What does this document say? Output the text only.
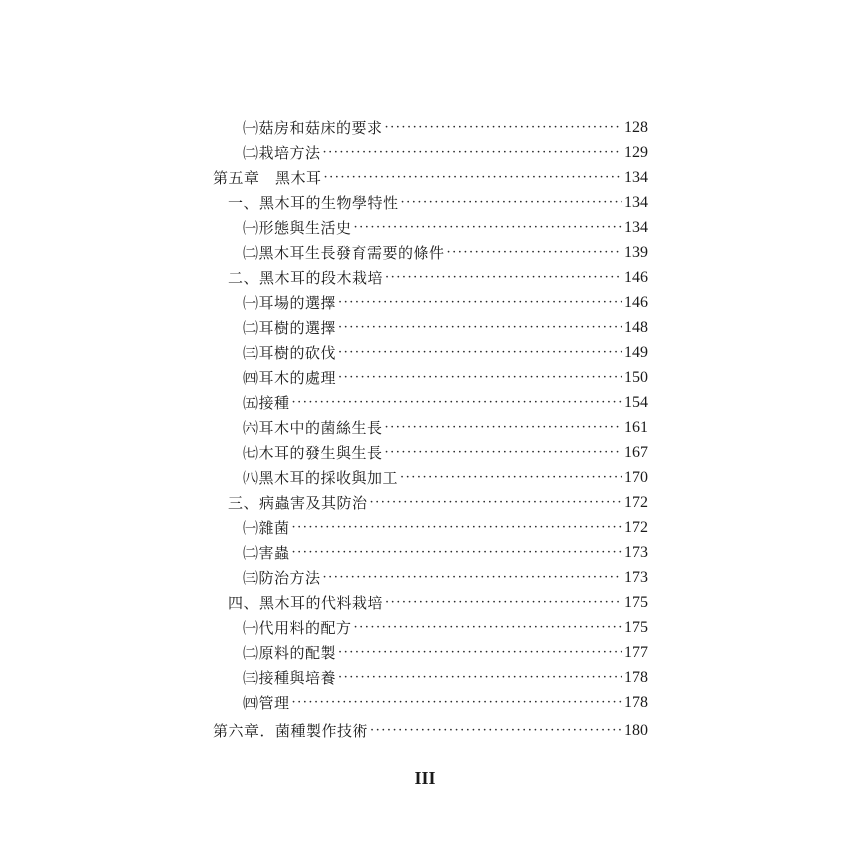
㈠菇房和菇床的要求 ·····	128
㈡栽培方法 ·····	129
第五章　黑木耳 ·····	134
一、黑木耳的生物學特性 ·····	134
㈠形態與生活史 ·····	134
㈡黑木耳生長發育需要的條件 ·····	139
二、黑木耳的段木栽培 ·····	146
㈠耳場的選擇 ·····	146
㈡耳樹的選擇 ·····	148
㈢耳樹的砍伐 ·····	149
㈣耳木的處理 ·····	150
㈤接種 ·····	154
㈥耳木中的菌絲生長 ·····	161
㈦木耳的發生與生長 ·····	167
㈧黑木耳的採收與加工 ·····	170
三、病蟲害及其防治 ·····	172
㈠雜菌 ·····	172
㈡害蟲 ·····	173
㈢防治方法 ·····	173
四、黑木耳的代料栽培 ·····	175
㈠代用料的配方 ·····	175
㈡原料的配製 ·····	177
㈢接種與培養 ·····	178
㈣管理 ·····	178
第六章．菌種製作技術 ·····	180
III
